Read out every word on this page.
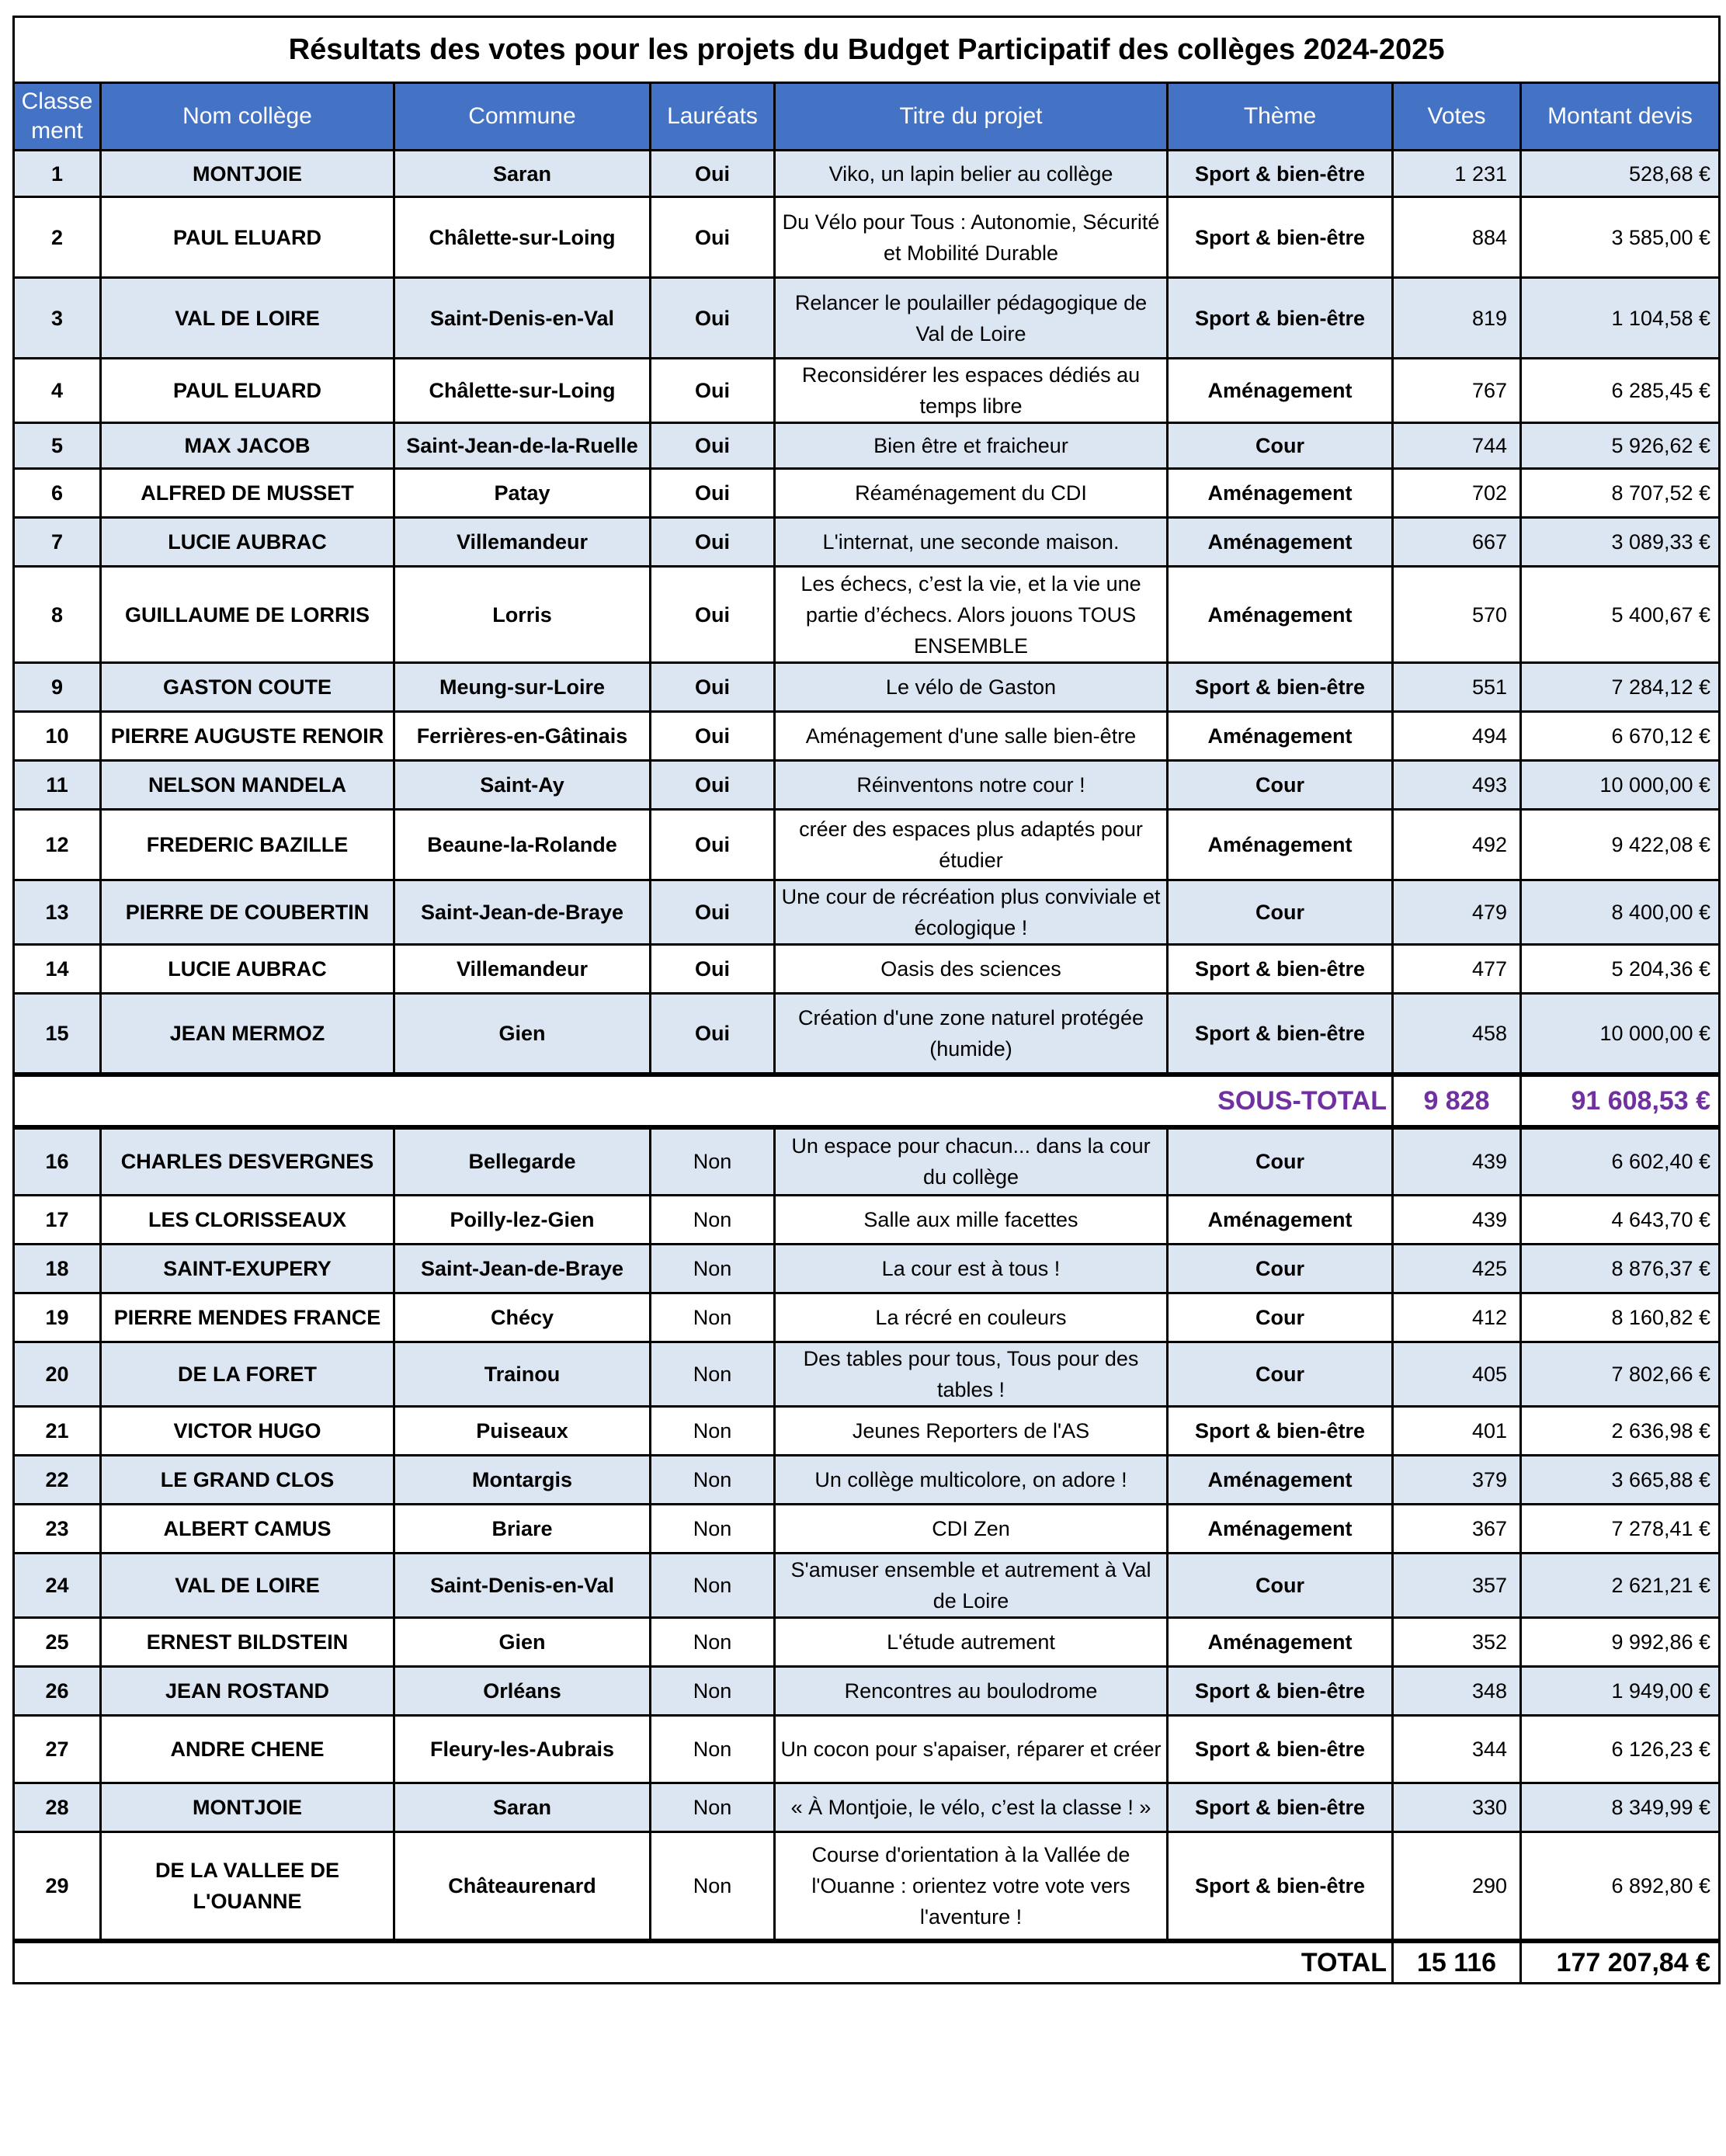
Résultats des votes pour les projets du Budget Participatif des collèges 2024-2025							
Classe ment	Nom collège	Commune	Lauréats	Titre du projet	Thème	Votes	Montant devis
1	MONTJOIE	Saran	Oui	Viko, un lapin belier au collège	Sport & bien-être	1 231	528,68 €
2	PAUL ELUARD	Châlette-sur-Loing	Oui	Du Vélo pour Tous : Autonomie, Sécurité et Mobilité Durable	Sport & bien-être	884	3 585,00 €
3	VAL DE LOIRE	Saint-Denis-en-Val	Oui	Relancer le poulailler pédagogique de Val de Loire	Sport & bien-être	819	1 104,58 €
4	PAUL ELUARD	Châlette-sur-Loing	Oui	Reconsidérer les espaces dédiés au temps libre	Aménagement	767	6 285,45 €
5	MAX JACOB	Saint-Jean-de-la-Ruelle	Oui	Bien être et fraicheur	Cour	744	5 926,62 €
6	ALFRED DE MUSSET	Patay	Oui	Réaménagement du CDI	Aménagement	702	8 707,52 €
7	LUCIE AUBRAC	Villemandeur	Oui	L'internat, une seconde maison.	Aménagement	667	3 089,33 €
8	GUILLAUME DE LORRIS	Lorris	Oui	Les échecs, c’est la vie, et la vie une partie d’échecs. Alors jouons TOUS ENSEMBLE	Aménagement	570	5 400,67 €
9	GASTON COUTE	Meung-sur-Loire	Oui	Le vélo de Gaston	Sport & bien-être	551	7 284,12 €
10	PIERRE AUGUSTE RENOIR	Ferrières-en-Gâtinais	Oui	Aménagement d'une salle bien-être	Aménagement	494	6 670,12 €
11	NELSON MANDELA	Saint-Ay	Oui	Réinventons notre cour !	Cour	493	10 000,00 €
12	FREDERIC BAZILLE	Beaune-la-Rolande	Oui	créer des espaces plus adaptés pour étudier	Aménagement	492	9 422,08 €
13	PIERRE DE COUBERTIN	Saint-Jean-de-Braye	Oui	Une cour de récréation plus conviviale et écologique !	Cour	479	8 400,00 €
14	LUCIE AUBRAC	Villemandeur	Oui	Oasis des sciences	Sport & bien-être	477	5 204,36 €
15	JEAN MERMOZ	Gien	Oui	Création d'une zone naturel protégée (humide)	Sport & bien-être	458	10 000,00 €
SOUS-TOTAL						9 828	91 608,53 €
16	CHARLES DESVERGNES	Bellegarde	Non	Un espace pour chacun... dans la cour du collège	Cour	439	6 602,40 €
17	LES CLORISSEAUX	Poilly-lez-Gien	Non	Salle aux mille facettes	Aménagement	439	4 643,70 €
18	SAINT-EXUPERY	Saint-Jean-de-Braye	Non	La cour est à tous !	Cour	425	8 876,37 €
19	PIERRE MENDES FRANCE	Chécy	Non	La récré en couleurs	Cour	412	8 160,82 €
20	DE LA FORET	Trainou	Non	Des tables pour tous, Tous pour des tables !	Cour	405	7 802,66 €
21	VICTOR HUGO	Puiseaux	Non	Jeunes Reporters de l'AS	Sport & bien-être	401	2 636,98 €
22	LE GRAND CLOS	Montargis	Non	Un collège multicolore, on adore !	Aménagement	379	3 665,88 €
23	ALBERT CAMUS	Briare	Non	CDI Zen	Aménagement	367	7 278,41 €
24	VAL DE LOIRE	Saint-Denis-en-Val	Non	S'amuser ensemble et autrement à Val de Loire	Cour	357	2 621,21 €
25	ERNEST BILDSTEIN	Gien	Non	L'étude autrement	Aménagement	352	9 992,86 €
26	JEAN ROSTAND	Orléans	Non	Rencontres au boulodrome	Sport & bien-être	348	1 949,00 €
27	ANDRE CHENE	Fleury-les-Aubrais	Non	Un cocon pour s'apaiser, réparer et créer	Sport & bien-être	344	6 126,23 €
28	MONTJOIE	Saran	Non	« À Montjoie, le vélo, c’est la classe ! »	Sport & bien-être	330	8 349,99 €
29	DE LA VALLEE DE L'OUANNE	Châteaurenard	Non	Course d'orientation à la Vallée de l'Ouanne : orientez votre vote vers l'aventure !	Sport & bien-être	290	6 892,80 €
TOTAL						15 116	177 207,84 €
